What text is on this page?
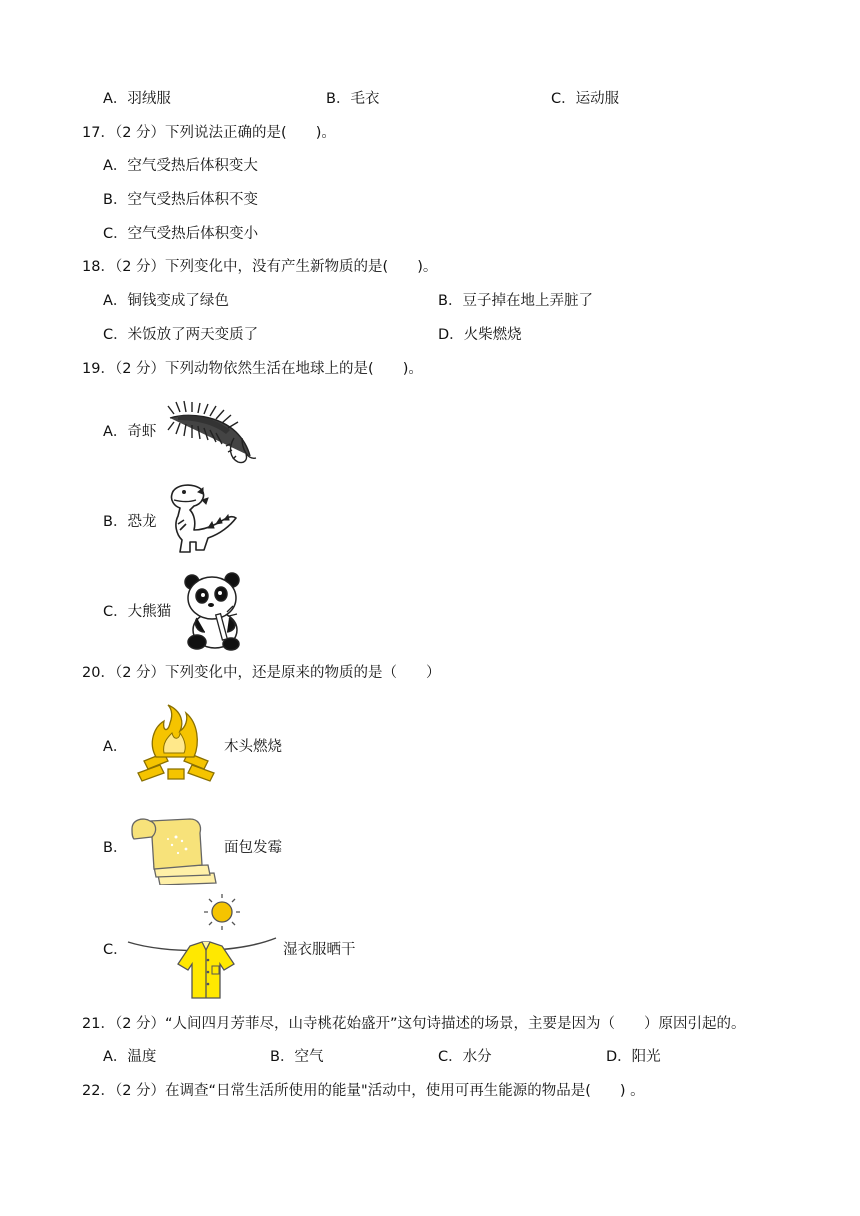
A．羽绒服	B．毛衣	C．运动服
17．（2 分）下列说法正确的是(　　)。
A．空气受热后体积变大
B．空气受热后体积不变
C．空气受热后体积变小
18．（2 分）下列变化中，没有产生新物质的是(　　)。
A．铜钱变成了绿色	B．豆子掉在地上弄脏了
C．米饭放了两天变质了	D．火柴燃烧
19．（2 分）下列动物依然生活在地球上的是(　　)。
A．奇虾
B．恐龙
C．大熊猫
20．（2 分）下列变化中，还是原来的物质的是（　　）
A．	木头燃烧
B．	面包发霉
C．	湿衣服晒干
21．（2 分）“人间四月芳菲尽，山寺桃花始盛开”这句诗描述的场景，主要是因为（　　）原因引起的。
A．温度	B．空气	C．水分	D．阳光
22．（2 分）在调查“日常生活所使用的能量"活动中，使用可再生能源的物品是(　　) 。
